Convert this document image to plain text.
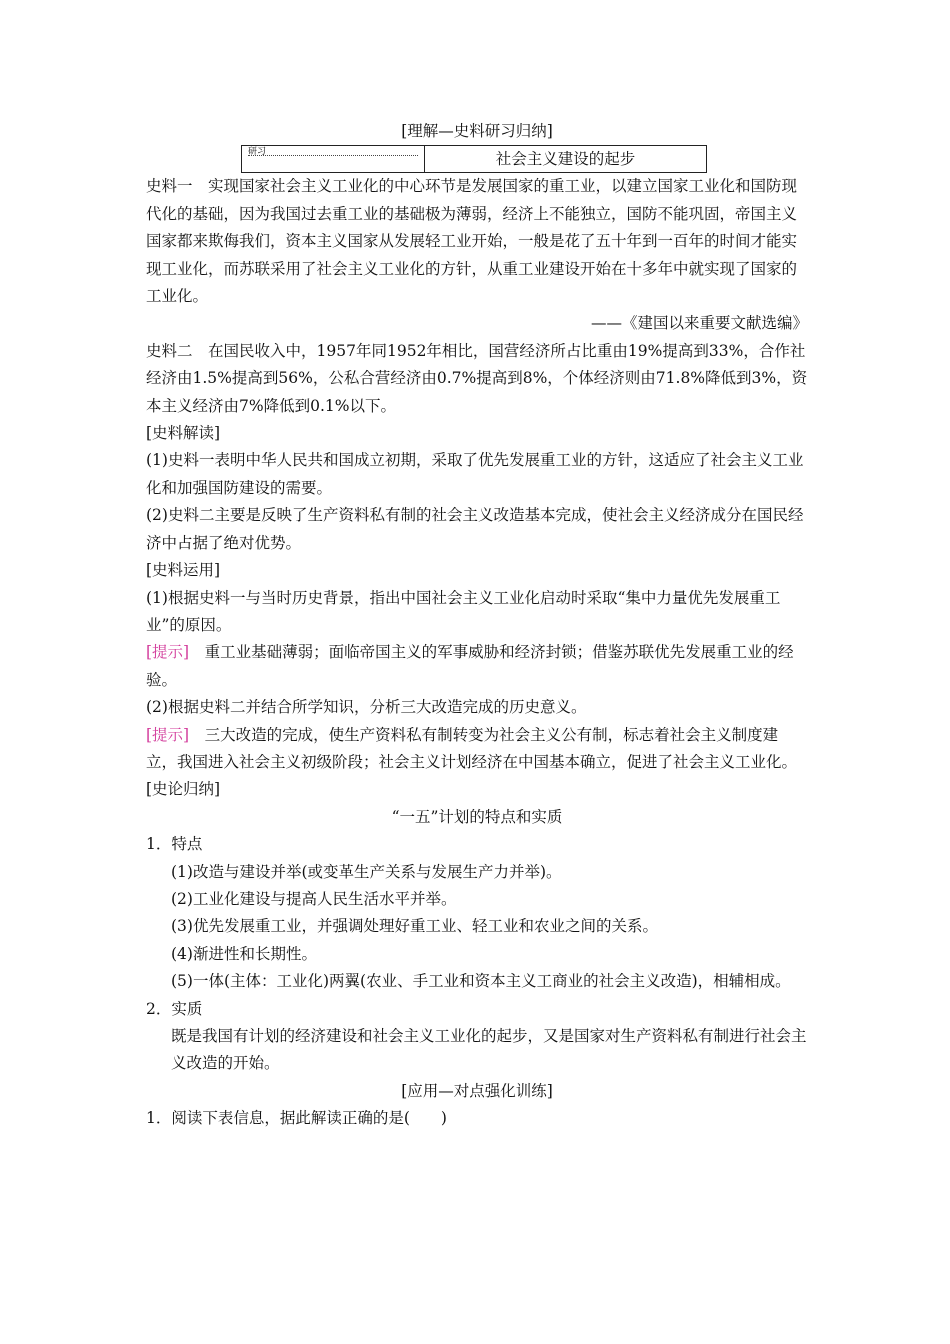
[理解—史料研习归纳]

研习	社会主义建设的起步

史料一　 实现国家社会主义工业化的中心环节是发展国家的重工业，以建立国家工业化和国防现代化的基础，因为我国过去重工业的基础极为薄弱，经济上不能独立，国防不能巩固，帝国主义国家都来欺侮我们，资本主义国家从发展轻工业开始，一般是花了五十年到一百年的时间才能实现工业化，而苏联采用了社会主义工业化的方针，从重工业建设开始在十多年中就实现了国家的工业化。

——《建国以来重要文献选编》

史料二　 在国民收入中，1957年同1952年相比，国营经济所占比重由19%提高到33%，合作社经济由1.5%提高到56%，公私合营经济由0.7%提高到8%，个体经济则由71.8%降低到3%，资本主义经济由7%降低到0.1%以下。

[史料解读]

(1)史料一表明中华人民共和国成立初期，采取了优先发展重工业的方针，这适应了社会主义工业化和加强国防建设的需要。

(2)史料二主要是反映了生产资料私有制的社会主义改造基本完成，使社会主义经济成分在国民经济中占据了绝对优势。

[史料运用]

(1)根据史料一与当时历史背景，指出中国社会主义工业化启动时采取“集中力量优先发展重工业”的原因。

[提示]　 重工业基础薄弱；面临帝国主义的军事威胁和经济封锁；借鉴苏联优先发展重工业的经验。

(2)根据史料二并结合所学知识，分析三大改造完成的历史意义。

[提示]　 三大改造的完成，使生产资料私有制转变为社会主义公有制，标志着社会主义制度建立，我国进入社会主义初级阶段；社会主义计划经济在中国基本确立，促进了社会主义工业化。

[史论归纳]

“一五”计划的特点和实质

1．特点

(1)改造与建设并举(或变革生产关系与发展生产力并举)。

(2)工业化建设与提高人民生活水平并举。

(3)优先发展重工业，并强调处理好重工业、轻工业和农业之间的关系。

(4)渐进性和长期性。

(5)一体(主体：工业化)两翼(农业、手工业和资本主义工商业的社会主义改造)，相辅相成。

2．实质

既是我国有计划的经济建设和社会主义工业化的起步，又是国家对生产资料私有制进行社会主义改造的开始。

[应用—对点强化训练]

1．阅读下表信息，据此解读正确的是(　　)
